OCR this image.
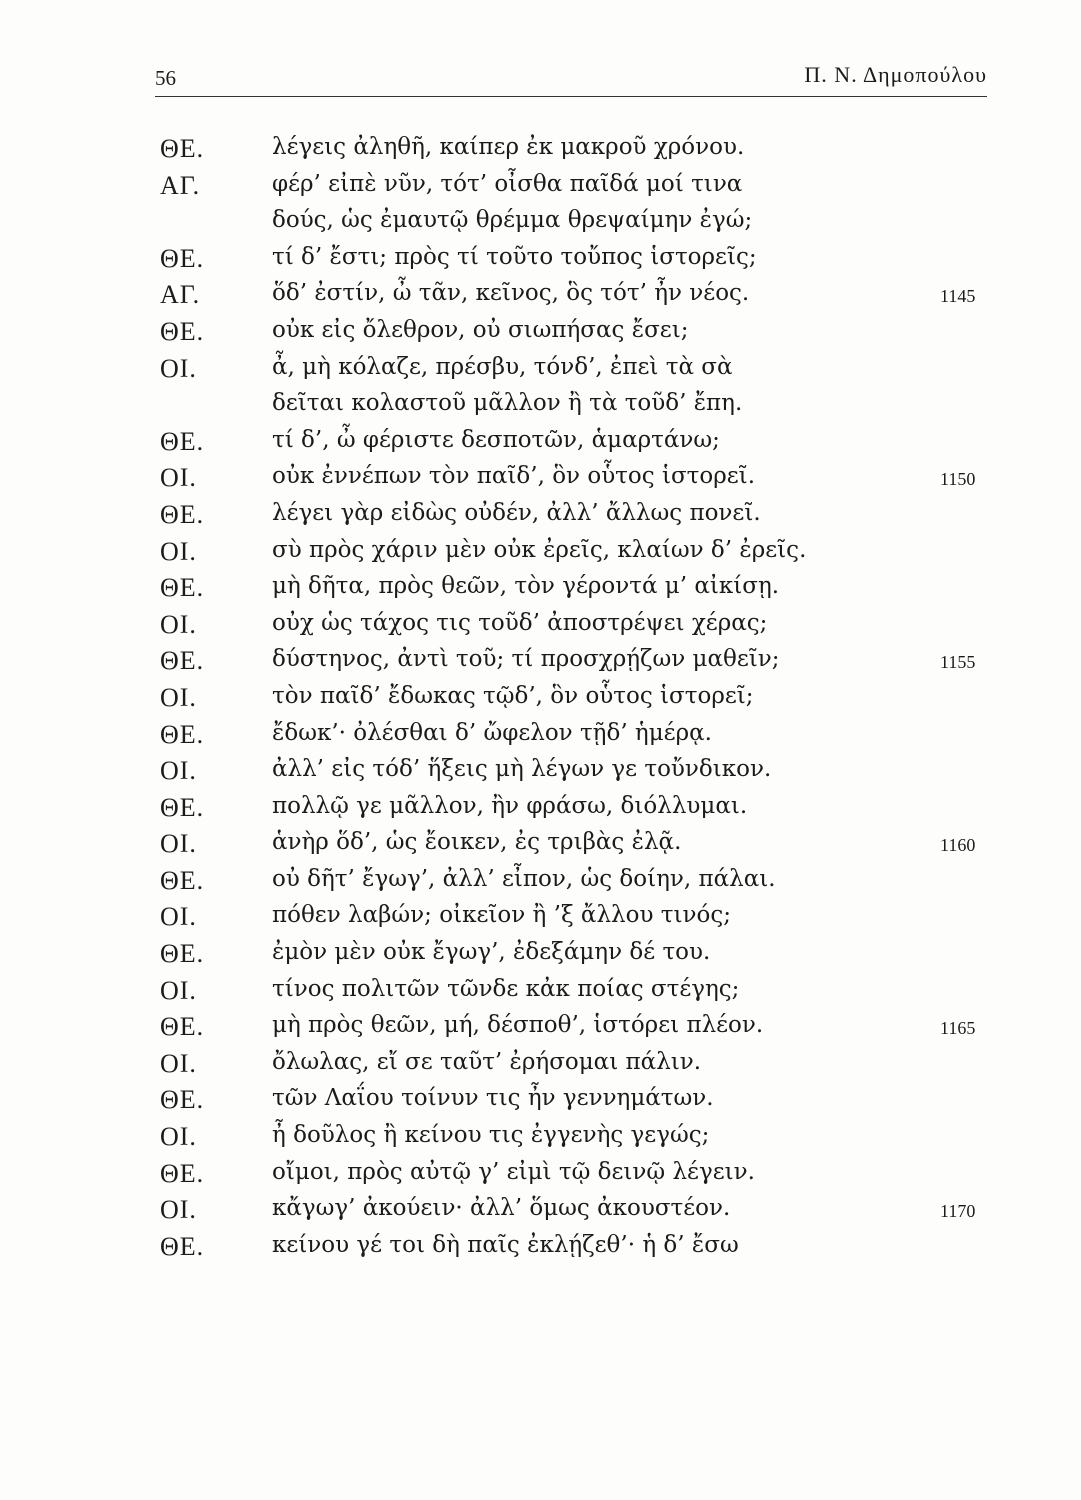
56	Π. Ν. Δημοπούλου
ΘΕ.	λέγεις ἀληθῆ, καίπερ ἐκ μακροῦ χρόνου.
ΑΓ.	φέρ’ εἰπὲ νῦν, τότ’ οἶσθα παῖδά μοί τινα
δούς, ὡς ἐμαυτῷ θρέμμα θρεψαίμην ἐγώ;
ΘΕ.	τί δ’ ἔστι; πρὸς τί τοῦτο τοὔπος ἱστορεῖς;
ΑΓ.	ὅδ’ ἐστίν, ὦ τᾶν, κεῖνος, ὃς τότ’ ἦν νέος.	1145
ΘΕ.	οὐκ εἰς ὄλεθρον, οὐ σιωπήσας ἔσει;
ΟΙ.	ἆ, μὴ κόλαζε, πρέσβυ, τόνδ’, ἐπεὶ τὰ σὰ
δεῖται κολαστοῦ μᾶλλον ἢ τὰ τοῦδ’ ἔπη.
ΘΕ.	τί δ’, ὦ φέριστε δεσποτῶν, ἁμαρτάνω;
ΟΙ.	οὐκ ἐννέπων τὸν παῖδ’, ὃν οὗτος ἱστορεῖ.	1150
ΘΕ.	λέγει γὰρ εἰδὼς οὐδέν, ἀλλ’ ἄλλως πονεῖ.
ΟΙ.	σὺ πρὸς χάριν μὲν οὐκ ἐρεῖς, κλαίων δ’ ἐρεῖς.
ΘΕ.	μὴ δῆτα, πρὸς θεῶν, τὸν γέροντά μ’ αἰκίσῃ.
ΟΙ.	οὐχ ὡς τάχος τις τοῦδ’ ἀποστρέψει χέρας;
ΘΕ.	δύστηνος, ἀντὶ τοῦ; τί προσχρῄζων μαθεῖν;	1155
ΟΙ.	τὸν παῖδ’ ἔδωκας τῷδ’, ὃν οὗτος ἱστορεῖ;
ΘΕ.	ἔδωκ’· ὀλέσθαι δ’ ὤφελον τῇδ’ ἡμέρᾳ.
ΟΙ.	ἀλλ’ εἰς τόδ’ ἥξεις μὴ λέγων γε τοὔνδικον.
ΘΕ.	πολλῷ γε μᾶλλον, ἢν φράσω, διόλλυμαι.
ΟΙ.	ἁνὴρ ὅδ’, ὡς ἔοικεν, ἐς τριβὰς ἐλᾷ.	1160
ΘΕ.	οὐ δῆτ’ ἔγωγ’, ἀλλ’ εἶπον, ὡς δοίην, πάλαι.
ΟΙ.	πόθεν λαβών; οἰκεῖον ἢ ’ξ ἄλλου τινός;
ΘΕ.	ἐμὸν μὲν οὐκ ἔγωγ’, ἐδεξάμην δέ του.
ΟΙ.	τίνος πολιτῶν τῶνδε κἀκ ποίας στέγης;
ΘΕ.	μὴ πρὸς θεῶν, μή, δέσποθ’, ἱστόρει πλέον.	1165
ΟΙ.	ὄλωλας, εἴ σε ταῦτ’ ἐρήσομαι πάλιν.
ΘΕ.	τῶν Λαΐου τοίνυν τις ἦν γεννημάτων.
ΟΙ.	ἦ δοῦλος ἢ κείνου τις ἐγγενὴς γεγώς;
ΘΕ.	οἴμοι, πρὸς αὐτῷ γ’ εἰμὶ τῷ δεινῷ λέγειν.
ΟΙ.	κἄγωγ’ ἀκούειν· ἀλλ’ ὅμως ἀκουστέον.	1170
ΘΕ.	κείνου γέ τοι δὴ παῖς ἐκλῄζεθ’· ἡ δ’ ἔσω
